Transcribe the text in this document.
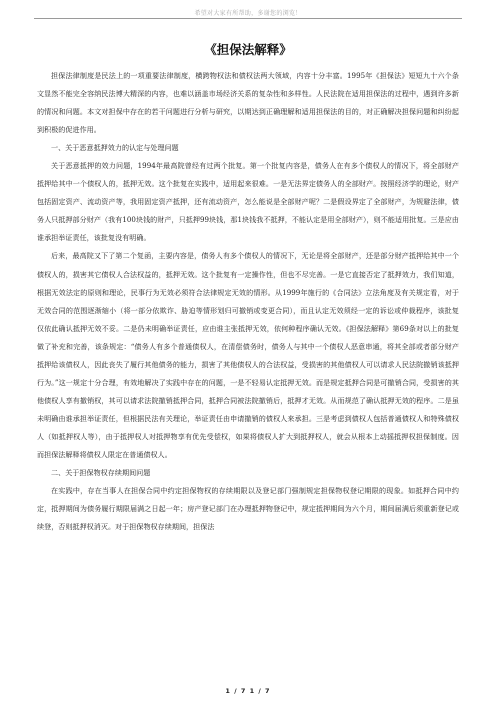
希望对大家有所帮助，多谢您的浏览！
《担保法解释》

担保法律制度是民法上的一项重要法律制度，横跨物权法和债权法两大领域，内容十分丰富。1995年《担保法》短短九十六个条文显然不能完全容纳民法博大精深的内容，也难以涵盖市场经济关系的复杂性和多样性。人民法院在适用担保法的过程中，遇到许多新的情况和问题。本文对担保中存在的若干问题进行分析与研究，以期达到正确理解和适用担保法的目的，对正确解决担保问题和纠纷起到积极的促进作用。

一、关于恶意抵押效力的认定与处理问题

关于恶意抵押的效力问题，1994年最高院曾经有过两个批复。第一个批复内容是，债务人在有多个债权人的情况下，将全部财产抵押给其中一个债权人的，抵押无效。这个批复在实践中，适用起来很难。一是无法界定债务人的全部财产。按照经济学的理论，财产包括固定资产、流动资产等，我用固定资产抵押，还有流动资产，怎么能说是全部财产呢？二是假设界定了全部财产，为规避法律，债务人只抵押部分财产（我有100块钱的财产，只抵押99块钱，那1块钱我不抵押，不能认定是用全部财产），则不能适用批复。三是应由谁承担举证责任，该批复没有明确。

后来，最高院又下了第二个复函，主要内容是，债务人有多个债权人的情况下，无论是将全部财产，还是部分财产抵押给其中一个债权人的，损害其它债权人合法权益的，抵押无效。这个批复有一定操作性，但也不尽完善。一是它直接否定了抵押效力，我们知道，根据无效法定的原则和理论，民事行为无效必须符合法律规定无效的情形。从1999年施行的《合同法》立法角度及有关规定看，对于无效合同的范围逐渐缩小（将一部分依欺诈、胁迫等情形划归可撤销或变更合同），而且认定无效须经一定的诉讼或仲裁程序，该批复仅依此确认抵押无效不妥。二是仍未明确举证责任，应由谁主张抵押无效，依何种程序确认无效。《担保法解释》第69条对以上的批复做了补充和完善，该条规定：“债务人有多个普通债权人，在清偿债务时，债务人与其中一个债权人恶意串通，将其全部或者部分财产抵押给该债权人，因此丧失了履行其他债务的能力，损害了其他债权人的合法权益，受损害的其他债权人可以请求人民法院撤销该抵押行为。”这一规定十分合理，有效地解决了实践中存在的问题，一是不轻易认定抵押无效。而是规定抵押合同是可撤销合同，受损害的其他债权人享有撤销权，其可以请求法院撤销抵押合同，抵押合同被法院撤销后，抵押才无效。从而规范了确认抵押无效的程序。二是虽未明确由谁承担举证责任，但根据民法有关理论，举证责任由申请撤销的债权人来承担。三是考虑到债权人包括普通债权人和特殊债权人（如抵押权人等），由于抵押权人对抵押物享有优先受偿权，如果将债权人扩大到抵押权人，就会从根本上动摇抵押权担保制度。因而担保法解释将债权人限定在普通债权人。

二、关于担保物权存续期间问题

在实践中，存在当事人在担保合同中约定担保物权的存续期限以及登记部门强制规定担保物权登记期限的现象。如抵押合同中约定，抵押期间为债务履行期限届满之日起一年；房产登记部门在办理抵押物登记中，规定抵押期间为六个月，期间届满后须重新登记或续登，否则抵押权消灭。对于担保物权存续期间，担保法

1 / 7 1 / 7
